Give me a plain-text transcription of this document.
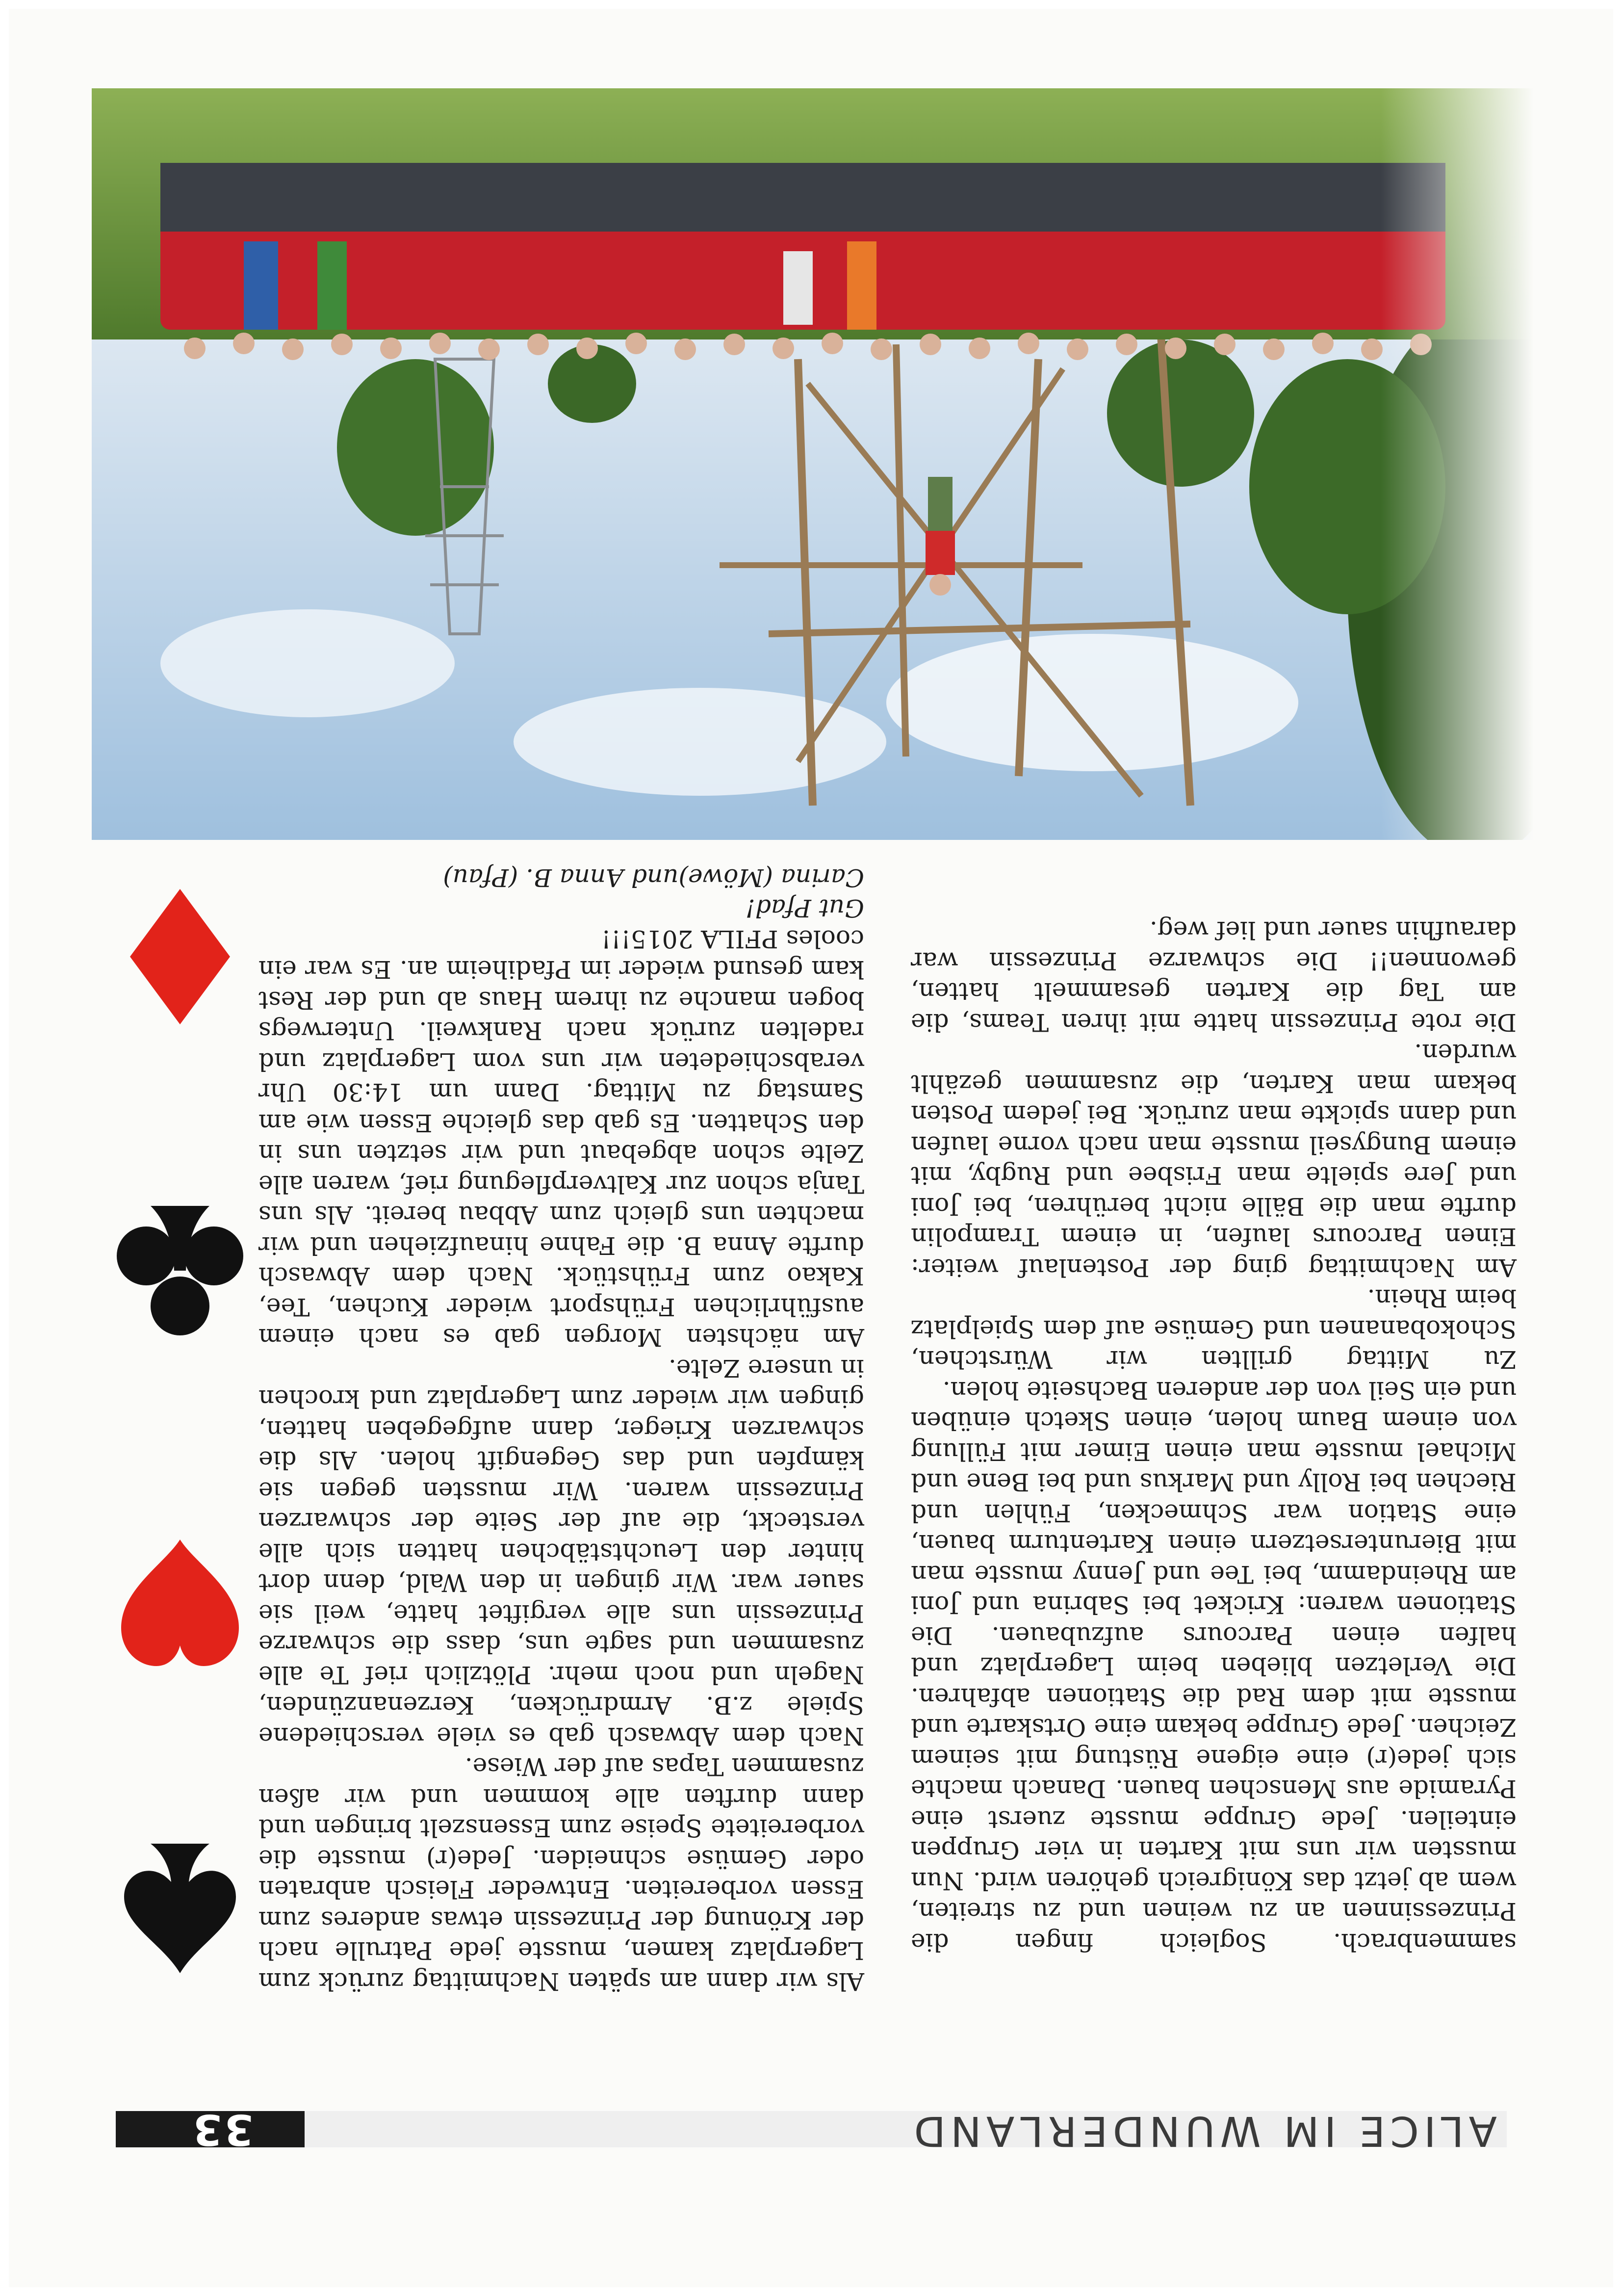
ALICE IM WUNDERLAND
33

sammenbrach. Sogleich fingen die Prinzessinnen an zu weinen und zu streiten, wem ab jetzt das Königreich gehören wird. Nun mussten wir uns mit Karten in vier Gruppen einteilen. Jede Gruppe musste zuerst eine Pyramide aus Menschen bauen. Danach machte sich jede(r) eine eigene Rüstung mit seinem Zeichen. Jede Gruppe bekam eine Ortskarte und musste mit dem Rad die Stationen abfahren. Die Verletzen blieben beim Lagerplatz und halfen einen Parcours aufzubauen. Die Stationen waren: Kricket bei Sabrina und Joni am Rheindamm, bei Tee und Jenny musste man mit Bieruntersetzern einen Kartenturm bauen, eine Station war Schmecken, Fühlen und Riechen bei Rolly und Markus und bei Bene und Michael musste man einen Eimer mit Füllung von einem Baum holen, einen Sketch einüben und ein Seil von der anderen Bachseite holen.

Zu Mittag grillten wir Würstchen, Schokobananen und Gemüse auf dem Spielplatz beim Rhein.

Am Nachmittag ging der Postenlauf weiter: Einen Parcours laufen, in einem Trampolin durfte man die Bälle nicht berühren, bei Joni und Jere spielte man Frisbee und Rugby, mit einem Bungyseil musste man nach vorne laufen und dann spickte man zurück. Bei jedem Posten bekam man Karten, die zusammen gezählt wurden.

Die rote Prinzessin hatte mit ihren Teams, die am Tag die Karten gesammelt hatten, gewonnen!! Die schwarze Prinzessin war daraufhin sauer und lief weg.

Als wir dann am späten Nachmittag zurück zum Lagerplatz kamen, musste jede Patrulle nach der Krönung der Prinzessin etwas anderes zum Essen vorbereiten. Entweder Fleisch anbraten oder Gemüse schneiden. Jede(r) musste die vorbereitete Speise zum Essenszelt bringen und dann durften alle kommen und wir aßen zusammen Tapas auf der Wiese.

Nach dem Abwasch gab es viele verschiedene Spiele z.B. Armdrücken, Kerzenanzünden, Nageln und noch mehr. Plötzlich rief Te alle zusammen und sagte uns, dass die schwarze Prinzessin uns alle vergiftet hatte, weil sie sauer war. Wir gingen in den Wald, denn dort hinter den Leuchtstäbchen hatten sich alle versteckt, die auf der Seite der schwarzen Prinzessin waren. Wir mussten gegen sie kämpfen und das Gegengift holen. Als die schwarzen Krieger, dann aufgegeben hatten, gingen wir wieder zum Lagerplatz und krochen in unsere Zelte.

Am nächsten Morgen gab es nach einem ausführlichen Frühsport wieder Kuchen, Tee, Kakao zum Frühstück. Nach dem Abwasch durfte Anna B. die Fahne hinaufziehen und wir machten uns gleich zum Abbau bereit. Als uns Tanja schon zur Kaltverpflegung rief, waren alle Zelte schon abgebaut und wir setzten uns in den Schatten. Es gab das gleiche Essen wie am Samstag zu Mittag. Dann um 14:30 Uhr verabschiedeten wir uns vom Lagerplatz und radelten zurück nach Rankweil. Unterwegs bogen manche zu ihrem Haus ab und der Rest kam gesund wieder im Pfadiheim an. Es war ein cooles PFILA 2015!!!

Gut Pfad!

Carina (Möwe)und Anna B. (Pfau)
